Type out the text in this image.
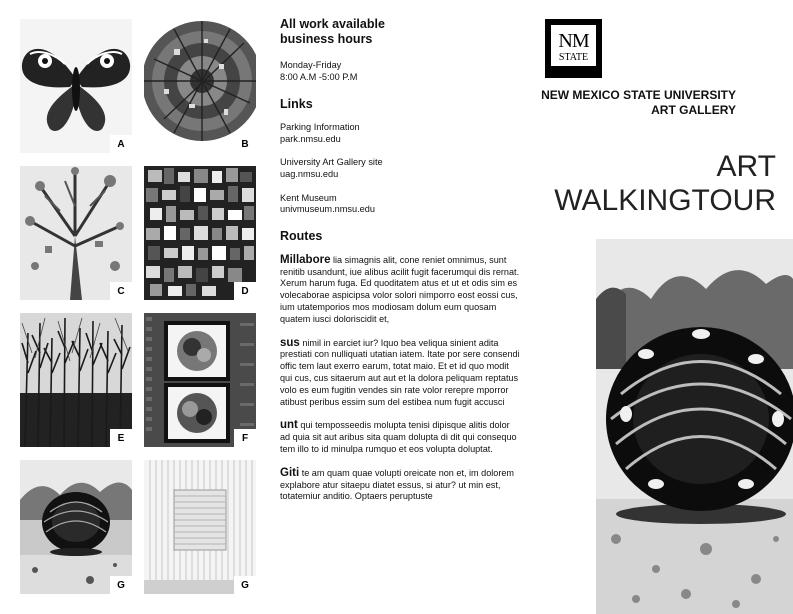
A	B
C	D
E	F
G	G
All work available
business hours
Monday-Friday
8:00 A.M -5:00 P.M
Links
Parking Information
park.nmsu.edu
University Art Gallery site
uag.nmsu.edu
Kent Museum
univmuseum.nmsu.edu
Routes
Millabore lia simagnis alit, cone reniet omnimus, sunt renitib usandunt, iue alibus acilit fugit facerumqui dis rernat.
Xerum harum fuga. Ed quoditatem atus et ut et odis sim es volecaborae aspicipsa volor solori nimporro eost eossi cus, ium utatemporios mos modiosam dolum eum quosam quatem iusci doloriscidit et,
sus nimil in earciet iur? Iquo bea veliqua sinient adita prestiati con nulliquati utatian iatem. Itate por sere consendi offic tem laut exerro earum, totat maio. Et et id quo modit qui cus, cus sitaerum aut aut et la dolora peliquam reptatus volo es eum fugitin vendes sin rate volor rerepre mporror atibust peribus essim sum del estibea num fugit accusci
unt qui temposseedis molupta tenisi dipisque alitis dolor ad quia sit aut aribus sita quam dolupta di dit qui consequo tem illo to id minulpa rumquo et eos volupta doluptat.
Giti te am quam quae volupti oreicate non et, im dolorem explabore atur sitaepu diatet essus, si atur? ut min est, totatemiur anditio. Optaers peruptuste
NM
STATE
NEW MEXICO STATE UNIVERSITY
ART GALLERY
ART
WALKINGTOUR
